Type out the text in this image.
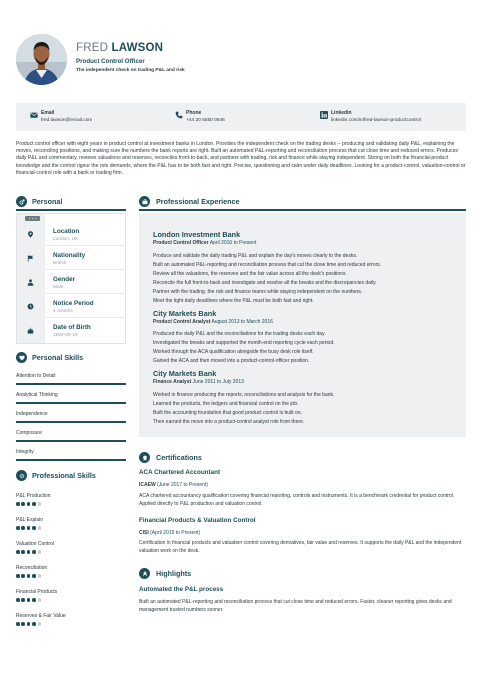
FRED LAWSON
Product Control Officer
The independent check on trading P&L and risk
Email
fred.lawson@email.com
Phone
+44 20 5550 0646
Linkedin
linkedin.com/in/fred-lawson-productcontrol
Product control officer with eight years in product control at investment banks in London. Provides the independent check on the trading desks -- producing and validating daily P&L, explaining the moves, reconciling positions, and making sure the numbers the bank reports are right. Built an automated P&L-reporting and reconciliation process that cut close time and reduced errors. Produces daily P&L and commentary, reviews valuations and reserves, reconciles front-to-back, and partners with trading, risk and finance while staying independent. Strong on both the financial-product knowledge and the control rigour the role demands, where the P&L has to be both fast and right. Precise, questioning and calm under daily deadlines. Looking for a product-control, valuation-control or financial-control role with a bank or trading firm.
Personal
Location
London, UK
Nationality
British
Gender
Male
Notice Period
4 months
Date of Birth
1992-09-19
Personal Skills
Attention to Detail
Analytical Thinking
Independence
Composure
Integrity
Professional Skills
P&L Production
P&L Explain
Valuation Control
Reconciliation
Financial Products
Reserves & Fair Value
Professional Experience
London Investment Bank
Product Control Officer April 2016 to Present
Produce and validate the daily trading P&L and explain the day's moves clearly to the desks.
Built an automated P&L-reporting and reconciliation process that cut the close time and reduced errors.
Review all the valuations, the reserves and the fair value across all the desk's positions.
Reconcile the full front-to-back and investigate and resolve all the breaks and the discrepancies daily.
Partner with the trading, the risk and finance teams while staying independent on the numbers.
Meet the tight daily deadlines where the P&L must be both fast and right.
City Markets Bank
Product Control Analyst August 2013 to March 2016
Produced the daily P&L and the reconciliations for the trading desks each day.
Investigated the breaks and supported the month-end reporting cycle each period.
Worked through the ACA qualification alongside the busy desk role itself.
Gained the ACA and then moved into a product-control-officer position.
City Markets Bank
Finance Analyst June 2011 to July 2013
Worked in finance producing the reports, reconciliations and analysis for the bank.
Learned the products, the ledgers and financial control on the job.
Built the accounting foundation that good product control is built on.
Then earned the move into a product-control analyst role from there.
Certifications
ACA Chartered Accountant
ICAEW (June 2017 to Present)
ACA chartered accountancy qualification covering financial reporting, controls and instruments. It is a benchmark credential for product control. Applied directly to P&L production and valuation control.
Financial Products & Valuation Control
CISI (April 2019 to Present)
Certification in financial products and valuation control covering derivatives, fair value and reserves. It supports the daily P&L and the independent valuation work on the desk.
Highlights
Automated the P&L process
Built an automated P&L-reporting and reconciliation process that cut close time and reduced errors. Faster, cleaner reporting gives desks and management trusted numbers sooner.
